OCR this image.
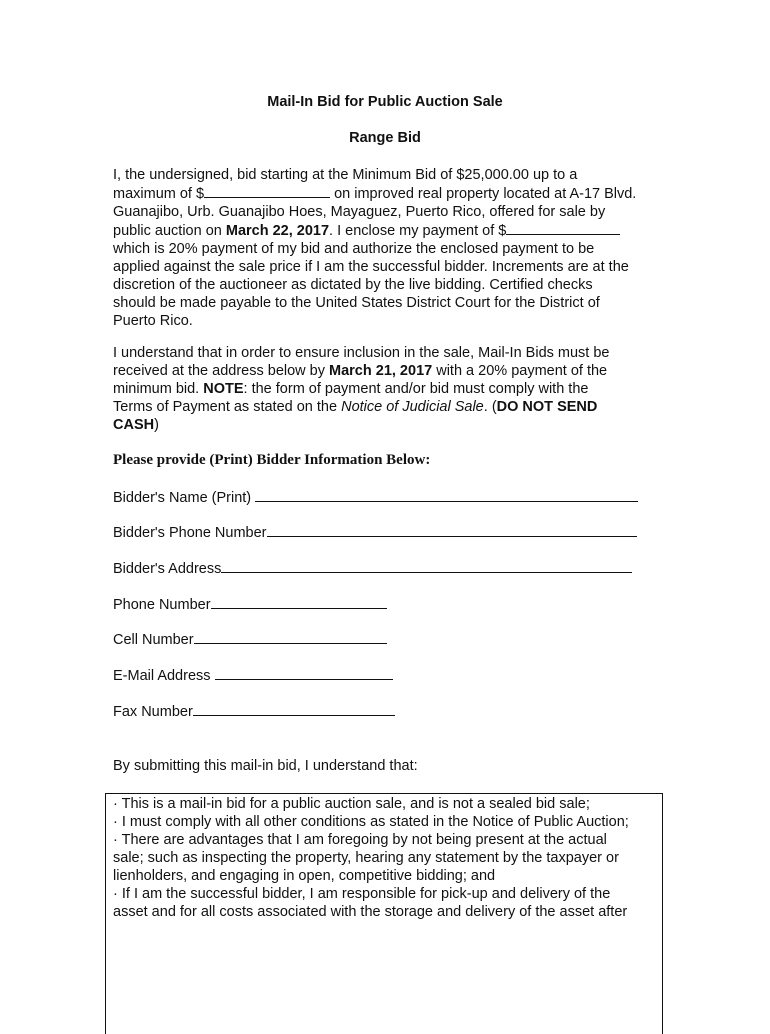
Mail-In Bid for Public Auction Sale
Range Bid
I, the undersigned, bid starting at the Minimum Bid of $25,000.00 up to a
maximum of $	on improved real property located at A-17 Blvd.
Guanajibo, Urb. Guanajibo Hoes, Mayaguez, Puerto Rico, offered for sale by
public auction on March 22, 2017. I enclose my payment of $
which is 20% payment of my bid and authorize the enclosed payment to be
applied against the sale price if I am the successful bidder. Increments are at the
discretion of the auctioneer as dictated by the live bidding. Certified checks
should be made payable to the United States District Court for the District of
Puerto Rico.
I understand that in order to ensure inclusion in the sale, Mail-In Bids must be
received at the address below by March 21, 2017 with a 20% payment of the
minimum bid. NOTE: the form of payment and/or bid must comply with the
Terms of Payment as stated on the Notice of Judicial Sale. (DO NOT SEND
CASH)
Please provide (Print) Bidder Information Below:
Bidder's Name (Print)
Bidder's Phone Number
Bidder's Address
Phone Number
Cell Number
E-Mail Address
Fax Number
By submitting this mail-in bid, I understand that:

· This is a mail-in bid for a public auction sale, and is not a sealed bid sale;

· I must comply with all other conditions as stated in the Notice of Public Auction;

· There are advantages that I am foregoing by not being present at the actual

sale; such as inspecting the property, hearing any statement by the taxpayer or

lienholders, and engaging in open, competitive bidding; and

· If I am the successful bidder, I am responsible for pick-up and delivery of the

asset and for all costs associated with the storage and delivery of the asset after
